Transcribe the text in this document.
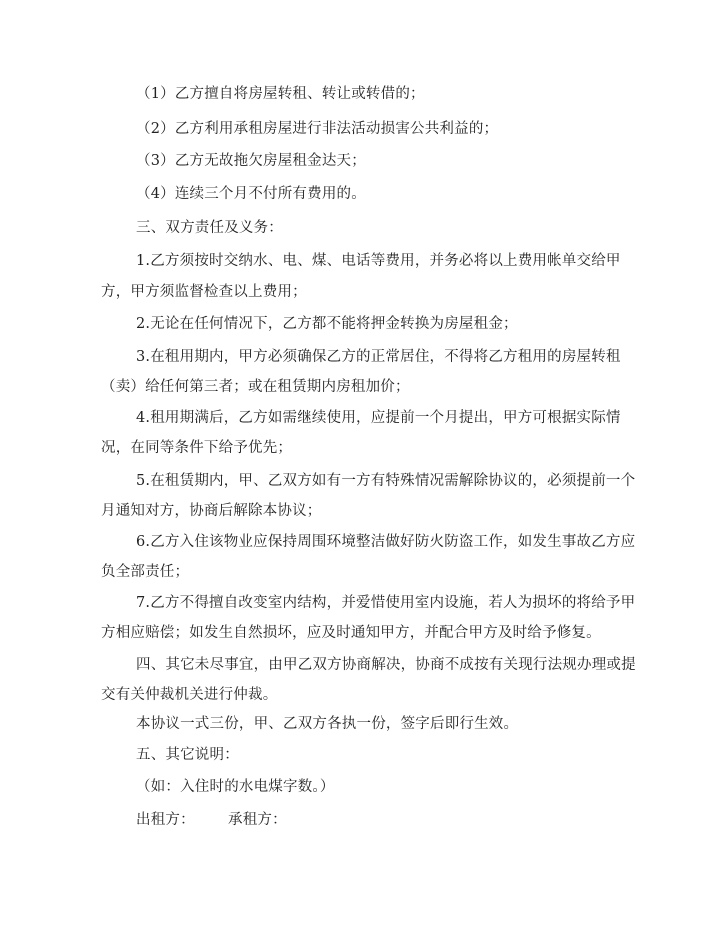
（1）乙方擅自将房屋转租、转让或转借的；
（2）乙方利用承租房屋进行非法活动损害公共利益的；
（3）乙方无故拖欠房屋租金达天；
（4）连续三个月不付所有费用的。
三、双方责任及义务：
1.乙方须按时交纳水、电、煤、电话等费用，并务必将以上费用帐单交给甲
方，甲方须监督检查以上费用；
2.无论在任何情况下，乙方都不能将押金转换为房屋租金；
3.在租用期内，甲方必须确保乙方的正常居住，不得将乙方租用的房屋转租
（卖）给任何第三者；或在租赁期内房租加价；
4.租用期满后，乙方如需继续使用，应提前一个月提出，甲方可根据实际情
况，在同等条件下给予优先；
5.在租赁期内，甲、乙双方如有一方有特殊情况需解除协议的，必须提前一个
月通知对方，协商后解除本协议；
6.乙方入住该物业应保持周围环境整洁做好防火防盗工作，如发生事故乙方应
负全部责任；
7.乙方不得擅自改变室内结构，并爱惜使用室内设施，若人为损坏的将给予甲
方相应赔偿；如发生自然损坏，应及时通知甲方，并配合甲方及时给予修复。
四、其它未尽事宜，由甲乙双方协商解决，协商不成按有关现行法规办理或提
交有关仲裁机关进行仲裁。
本协议一式三份，甲、乙双方各执一份，签字后即行生效。
五、其它说明：
（如：入住时的水电煤字数。）
出租方： 承租方：
